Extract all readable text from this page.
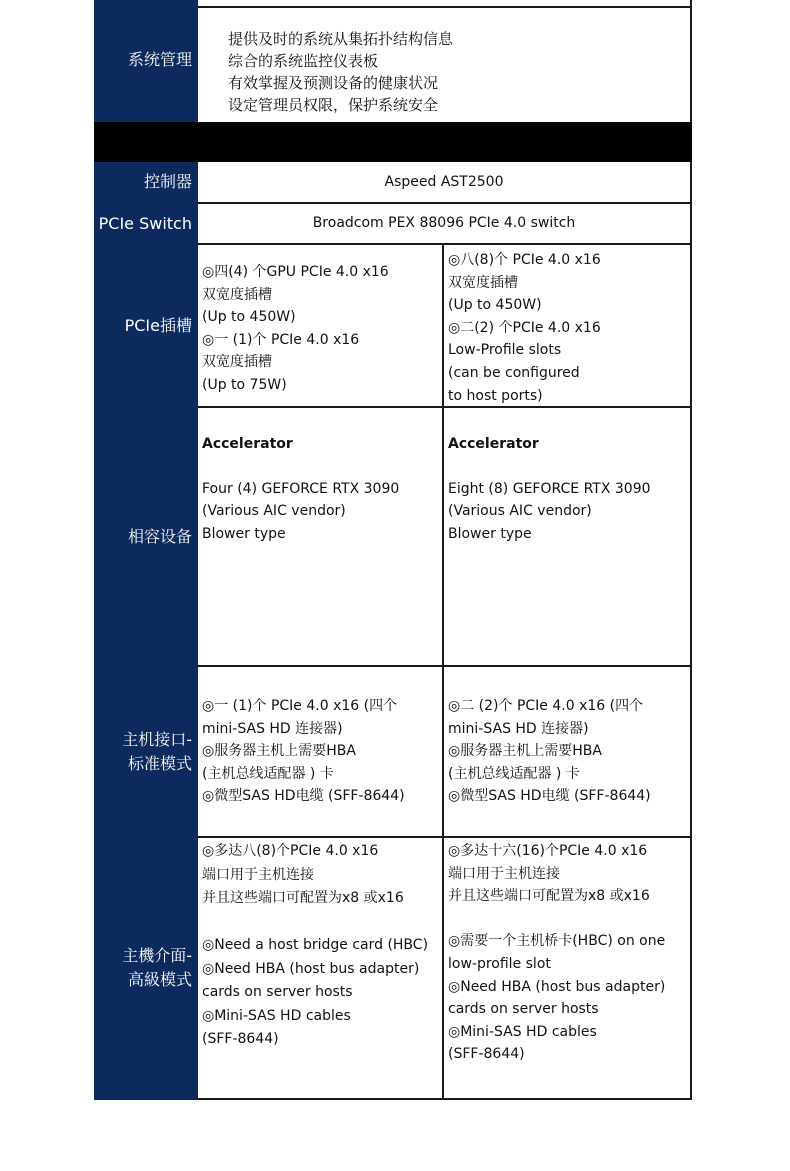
系统管理
提供及时的系统从集拓扑结构信息
综合的系统监控仪表板
有效掌握及预测设备的健康状况
设定管理员权限，保护系统安全
控制器	Aspeed AST2500
PCIe Switch	Broadcom PEX 88096 PCIe 4.0 switch
PCIe插槽
◎四(4) 个GPU PCIe 4.0 x16
双宽度插槽
(Up to 450W)
◎一 (1)个 PCIe 4.0 x16
双宽度插槽
(Up to 75W)
◎八(8)个 PCIe 4.0 x16
双宽度插槽
(Up to 450W)
◎二(2) 个PCIe 4.0 x16
Low-Profile slots
(can be configured
to host ports)
相容设备

Accelerator

Four (4) GEFORCE RTX 3090
(Various AIC vendor)
Blower type

Accelerator

Eight (8) GEFORCE RTX 3090
(Various AIC vendor)
Blower type

主机接口-
标准模式
◎一 (1)个 PCIe 4.0 x16 (四个
mini-SAS HD 连接器)
◎服务器主机上需要HBA
(主机总线适配器 ) 卡
◎微型SAS HD电缆 (SFF-8644)
◎二 (2)个 PCIe 4.0 x16 (四个
mini-SAS HD 连接器)
◎服务器主机上需要HBA
(主机总线适配器 ) 卡
◎微型SAS HD电缆 (SFF-8644)
主機介面-
高級模式
◎多达八(8)个PCIe 4.0 x16
端口用于主机连接
并且这些端口可配置为x8 或x16

◎Need a host bridge card (HBC)
◎Need HBA (host bus adapter)
cards on server hosts
◎Mini-SAS HD cables
(SFF-8644)
◎多达十六(16)个PCIe 4.0 x16
端口用于主机连接
并且这些端口可配置为x8 或x16

◎需要一个主机桥卡(HBC) on one
low-profile slot
◎Need HBA (host bus adapter)
cards on server hosts
◎Mini-SAS HD cables
(SFF-8644)
